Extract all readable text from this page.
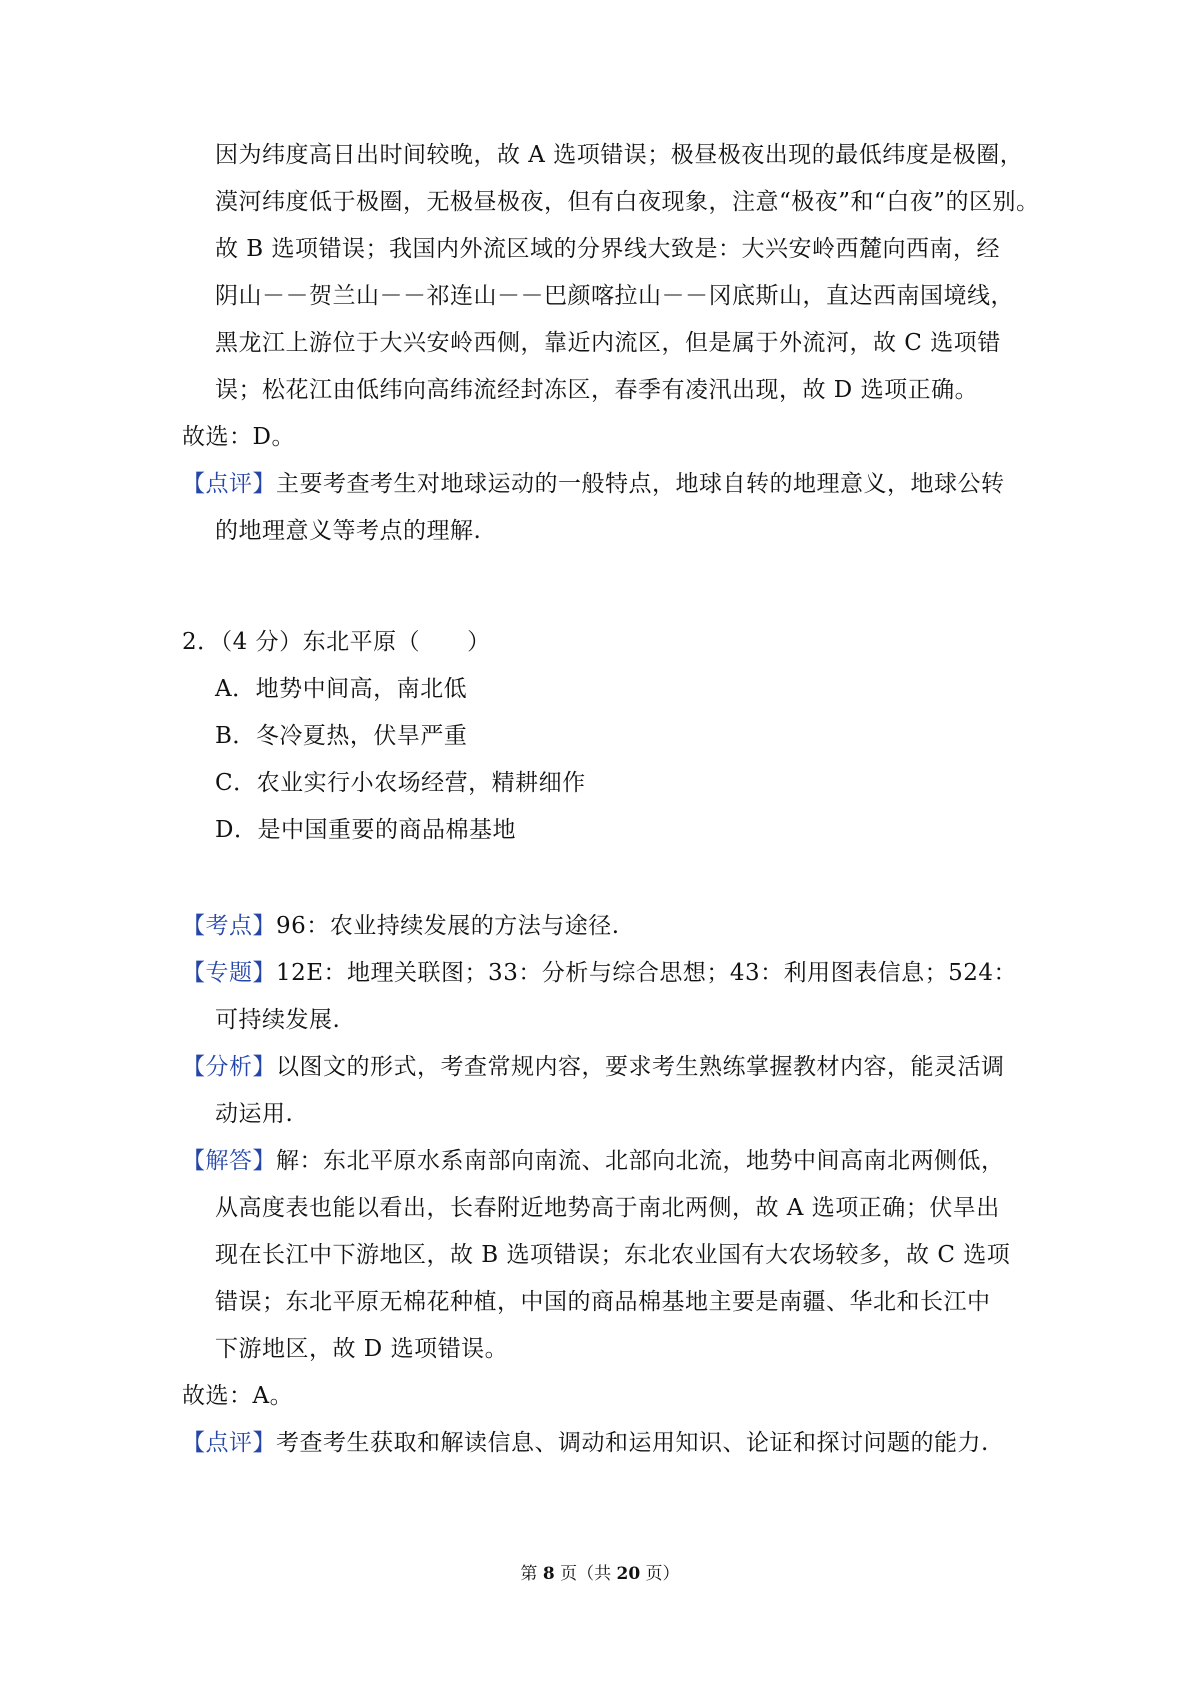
因为纬度高日出时间较晚，故 A 选项错误；极昼极夜出现的最低纬度是极圈，
漠河纬度低于极圈，无极昼极夜，但有白夜现象，注意“极夜”和“白夜”的区别。
故 B 选项错误；我国内外流区域的分界线大致是：大兴安岭西麓向西南，经
阴山－－贺兰山－－祁连山－－巴颜喀拉山－－冈底斯山，直达西南国境线，
黑龙江上游位于大兴安岭西侧，靠近内流区，但是属于外流河，故 C 选项错
误；松花江由低纬向高纬流经封冻区，春季有凌汛出现，故 D 选项正确。
故选：D。
【点评】主要考查考生对地球运动的一般特点，地球自转的地理意义，地球公转
的地理意义等考点的理解.
2．（4 分）东北平原（　　）
A．地势中间高，南北低
B．冬冷夏热，伏旱严重
C．农业实行小农场经营，精耕细作
D．是中国重要的商品棉基地
【考点】96：农业持续发展的方法与途径.
【专题】12E：地理关联图；33：分析与综合思想；43：利用图表信息；524：
可持续发展.
【分析】以图文的形式，考查常规内容，要求考生熟练掌握教材内容，能灵活调
动运用.
【解答】解：东北平原水系南部向南流、北部向北流，地势中间高南北两侧低，
从高度表也能以看出，长春附近地势高于南北两侧，故 A 选项正确；伏旱出
现在长江中下游地区，故 B 选项错误；东北农业国有大农场较多，故 C 选项
错误；东北平原无棉花种植，中国的商品棉基地主要是南疆、华北和长江中
下游地区，故 D 选项错误。
故选：A。
【点评】考查考生获取和解读信息、调动和运用知识、论证和探讨问题的能力.
第 8 页（共 20 页）
